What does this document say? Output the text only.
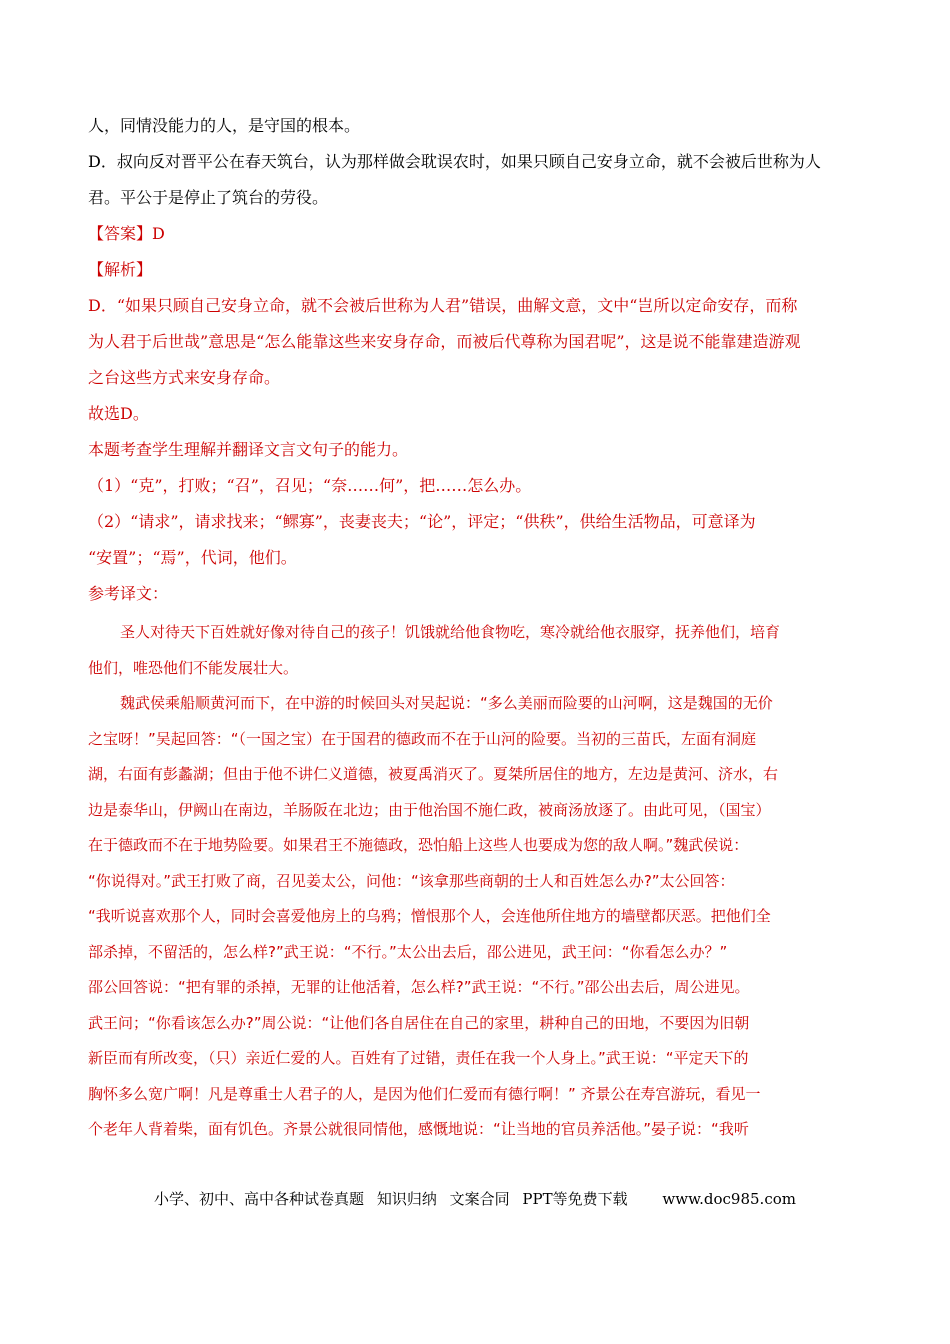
人，同情没能力的人，是守国的根本。
D．叔向反对晋平公在春天筑台，认为那样做会耽误农时，如果只顾自己安身立命，就不会被后世称为人
君。平公于是停止了筑台的劳役。
【答案】D
【解析】
D．“如果只顾自己安身立命，就不会被后世称为人君”错误，曲解文意，文中“岂所以定命安存，而称
为人君于后世哉”意思是“怎么能靠这些来安身存命，而被后代尊称为国君呢”，这是说不能靠建造游观
之台这些方式来安身存命。
故选D。
本题考查学生理解并翻译文言文句子的能力。
（1）“克”，打败；“召”，召见；“奈……何”，把……怎么办。
（2）“请求”，请求找来；“鳏寡”，丧妻丧夫；“论”，评定；“供秩”，供给生活物品，可意译为
“安置”；“焉”，代词，他们。
参考译文：
圣人对待天下百姓就好像对待自己的孩子！饥饿就给他食物吃，寒冷就给他衣服穿，抚养他们，培育
他们，唯恐他们不能发展壮大。
魏武侯乘船顺黄河而下，在中游的时候回头对吴起说：“多么美丽而险要的山河啊，这是魏国的无价
之宝呀！”吴起回答：“（一国之宝）在于国君的德政而不在于山河的险要。当初的三苗氏，左面有洞庭
湖，右面有彭蠡湖；但由于他不讲仁义道德，被夏禹消灭了。夏桀所居住的地方，左边是黄河、济水，右
边是泰华山，伊阙山在南边，羊肠阪在北边；由于他治国不施仁政，被商汤放逐了。由此可见，（国宝）
在于德政而不在于地势险要。如果君王不施德政，恐怕船上这些人也要成为您的敌人啊。”魏武侯说：
“你说得对。”武王打败了商，召见姜太公，问他：“该拿那些商朝的士人和百姓怎么办?”太公回答：
“我听说喜欢那个人，同时会喜爱他房上的乌鸦；憎恨那个人，会连他所住地方的墙壁都厌恶。把他们全
部杀掉，不留活的，怎么样?”武王说：“不行。”太公出去后，邵公进见，武王问：“你看怎么办？”
邵公回答说：“把有罪的杀掉，无罪的让他活着，怎么样?”武王说：“不行。”邵公出去后，周公进见。
武王问；“你看该怎么办?”周公说：“让他们各自居住在自己的家里，耕种自己的田地，不要因为旧朝
新臣而有所改变，（只）亲近仁爱的人。百姓有了过错，责任在我一个人身上。”武王说：“平定天下的
胸怀多么宽广啊！凡是尊重士人君子的人，是因为他们仁爱而有德行啊！” 齐景公在寿宫游玩，看见一
个老年人背着柴，面有饥色。齐景公就很同情他，感慨地说：“让当地的官员养活他。”晏子说：“我听
小学、初中、高中各种试卷真题 知识归纳 文案合同 PPT等免费下载 www.doc985.com
